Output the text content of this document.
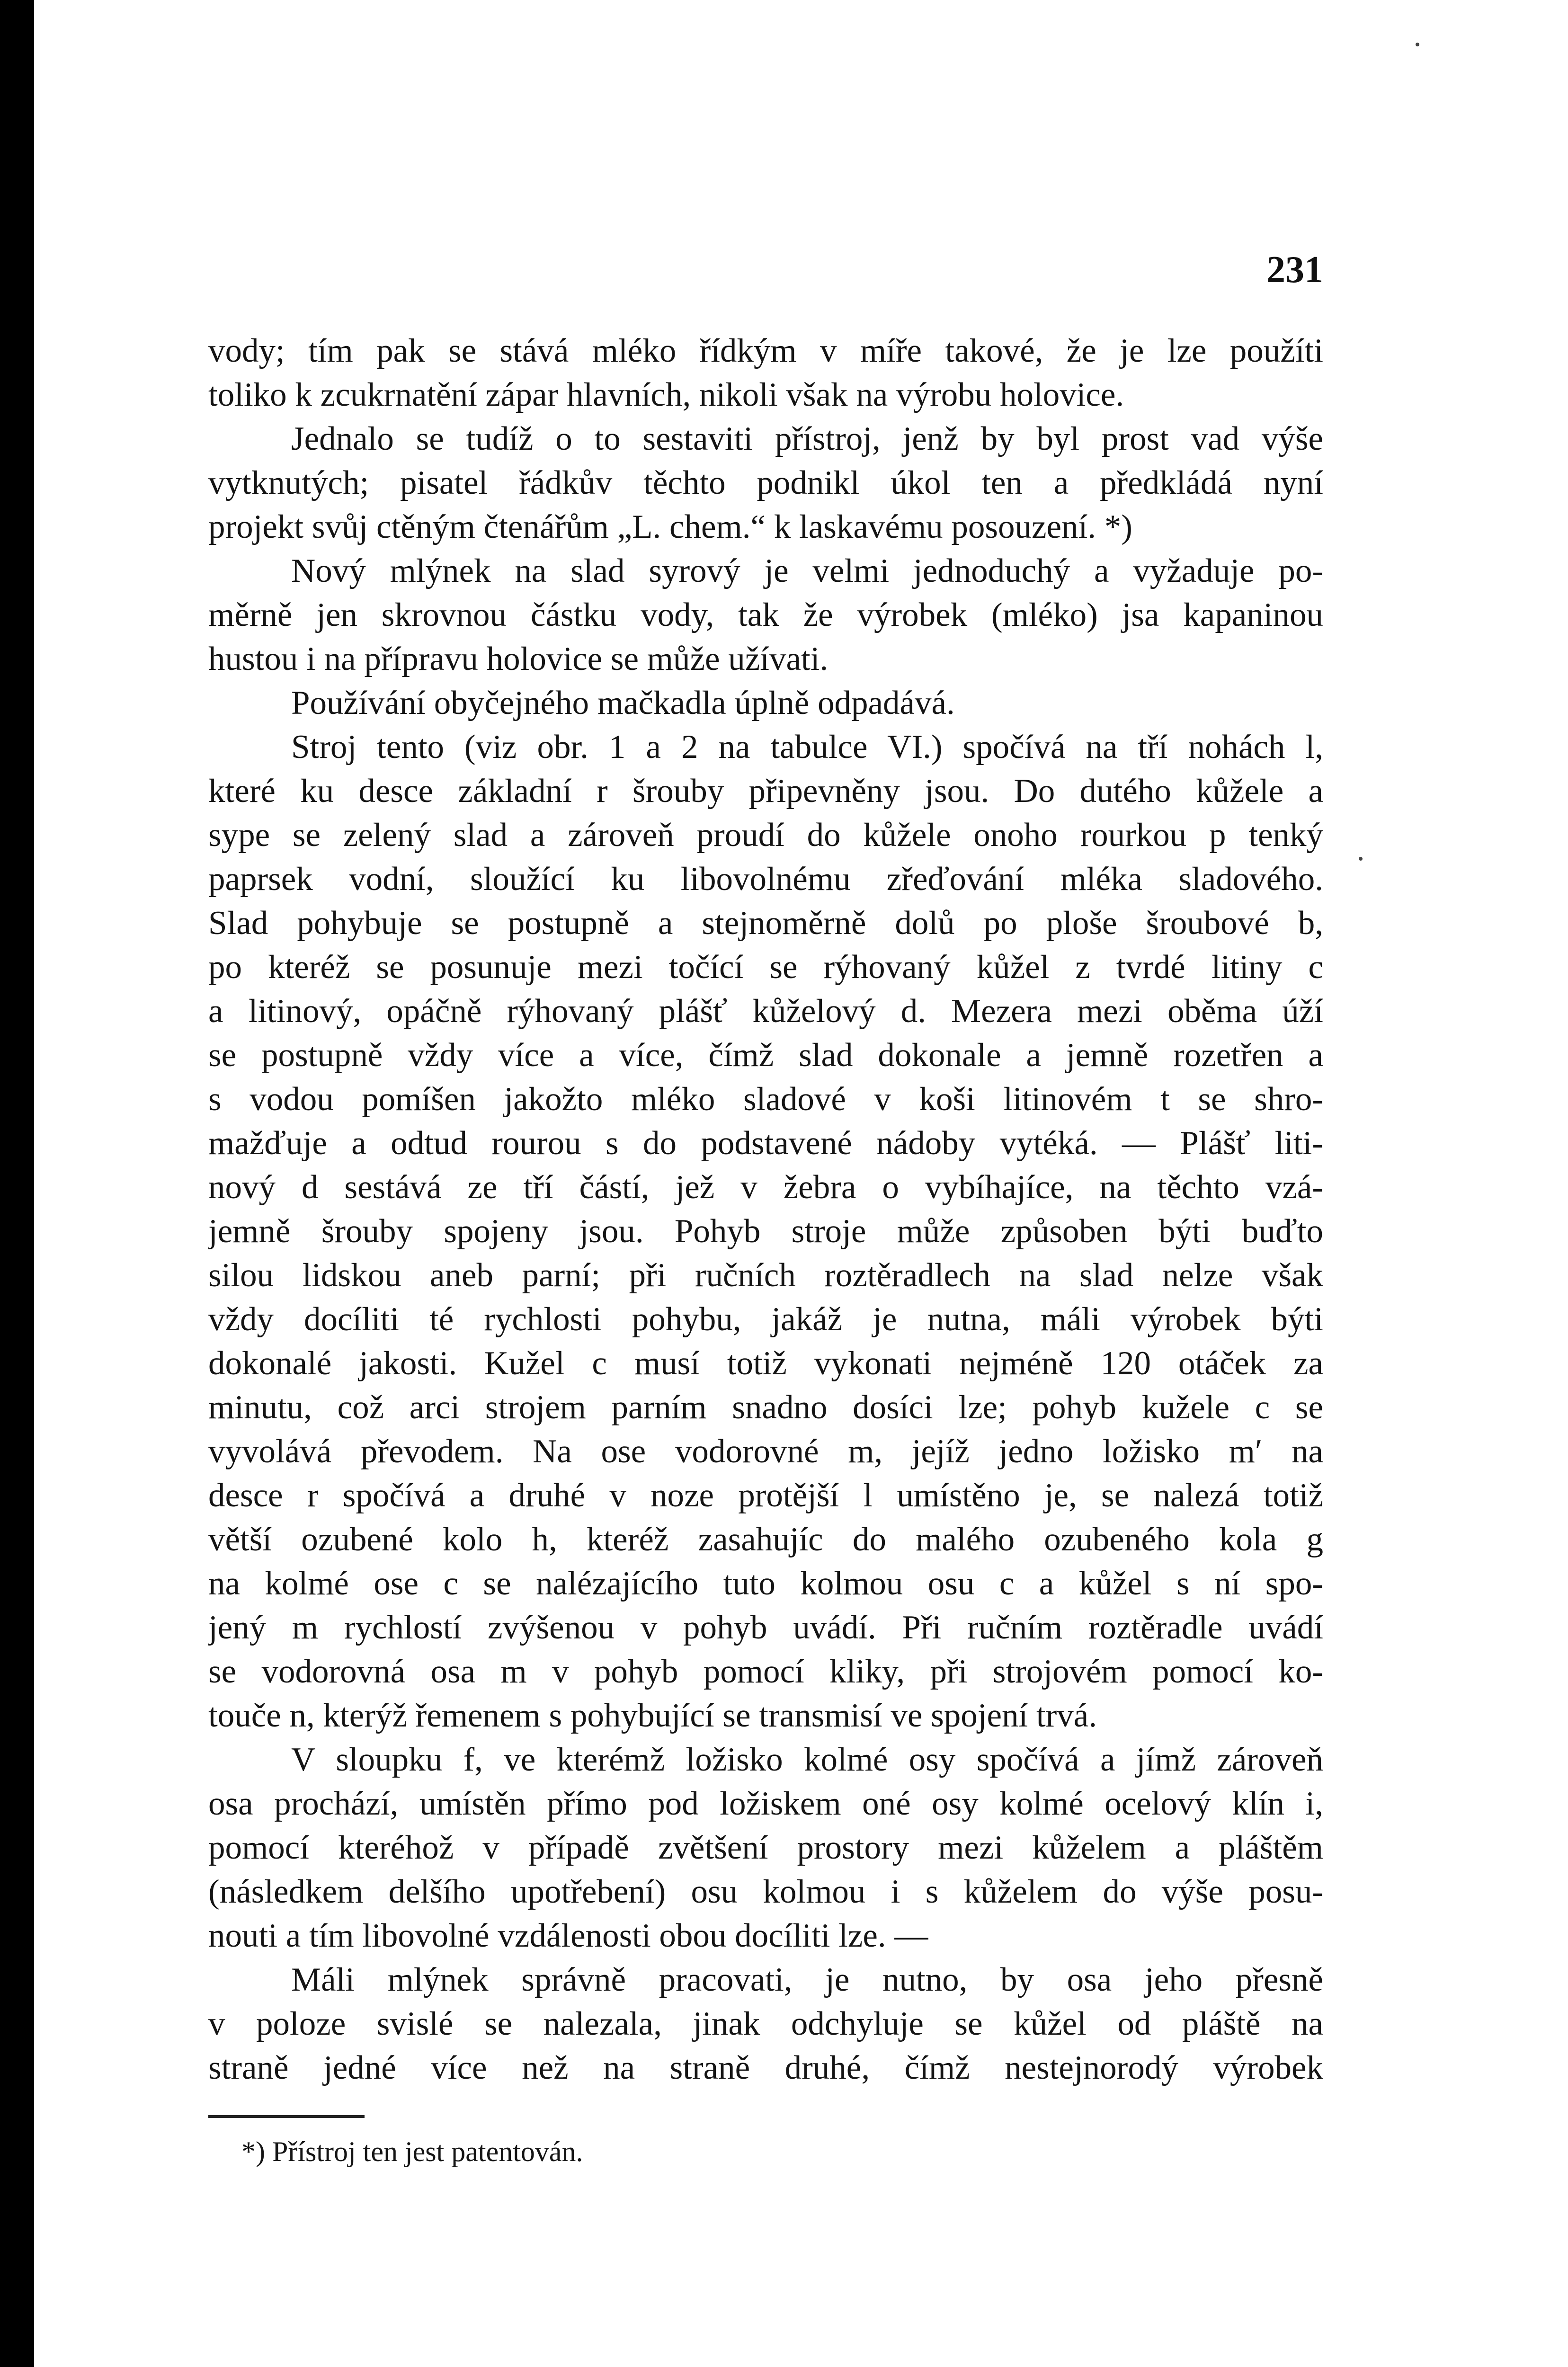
231
vody; tím pak se stává mléko řídkým v míře takové, že je lze použíti
toliko k zcukrnatění zápar hlavních, nikoli však na výrobu holovice.
Jednalo se tudíž o to sestaviti přístroj, jenž by byl prost vad výše
vytknutých; pisatel řádkův těchto podnikl úkol ten a předkládá nyní
projekt svůj ctěným čtenářům „L. chem.“ k laskavému posouzení. *)
Nový mlýnek na slad syrový je velmi jednoduchý a vyžaduje po-
měrně jen skrovnou částku vody, tak že výrobek (mléko) jsa kapaninou
hustou i na přípravu holovice se může užívati.
Používání obyčejného mačkadla úplně odpadává.
Stroj tento (viz obr. 1 a 2 na tabulce VI.) spočívá na tří nohách l,
které ku desce základní r šrouby připevněny jsou. Do dutého kůžele a
sype se zelený slad a zároveň proudí do kůžele onoho rourkou p tenký
paprsek vodní, sloužící ku libovolnému zřeďování mléka sladového.
Slad pohybuje se postupně a stejnoměrně dolů po ploše šroubové b,
po kteréž se posunuje mezi točící se rýhovaný kůžel z tvrdé litiny c
a litinový, opáčně rýhovaný plášť kůželový d. Mezera mezi oběma úží
se postupně vždy více a více, čímž slad dokonale a jemně rozetřen a
s vodou pomíšen jakožto mléko sladové v koši litinovém t se shro-
mažďuje a odtud rourou s do podstavené nádoby vytéká. — Plášť liti-
nový d sestává ze tří částí, jež v žebra o vybíhajíce, na těchto vzá-
jemně šrouby spojeny jsou. Pohyb stroje může způsoben býti buďto
silou lidskou aneb parní; při ručních roztěradlech na slad nelze však
vždy docíliti té rychlosti pohybu, jakáž je nutna, máli výrobek býti
dokonalé jakosti. Kužel c musí totiž vykonati nejméně 120 otáček za
minutu, což arci strojem parním snadno dosíci lze; pohyb kužele c se
vyvolává převodem. Na ose vodorovné m, jejíž jedno ložisko m′ na
desce r spočívá a druhé v noze protější l umístěno je, se nalezá totiž
větší ozubené kolo h, kteréž zasahujíc do malého ozubeného kola g
na kolmé ose c se nalézajícího tuto kolmou osu c a kůžel s ní spo-
jený m rychlostí zvýšenou v pohyb uvádí. Při ručním roztěradle uvádí
se vodorovná osa m v pohyb pomocí kliky, při strojovém pomocí ko-
touče n, kterýž řemenem s pohybující se transmisí ve spojení trvá.
V sloupku f, ve kterémž ložisko kolmé osy spočívá a jímž zároveň
osa prochází, umístěn přímo pod ložiskem oné osy kolmé ocelový klín i,
pomocí kteréhož v případě zvětšení prostory mezi kůželem a pláštěm
(následkem delšího upotřebení) osu kolmou i s kůželem do výše posu-
nouti a tím libovolné vzdálenosti obou docíliti lze. —
Máli mlýnek správně pracovati, je nutno, by osa jeho přesně
v poloze svislé se nalezala, jinak odchyluje se kůžel od pláště na
straně jedné více než na straně druhé, čímž nestejnorodý výrobek
*) Přístroj ten jest patentován.
